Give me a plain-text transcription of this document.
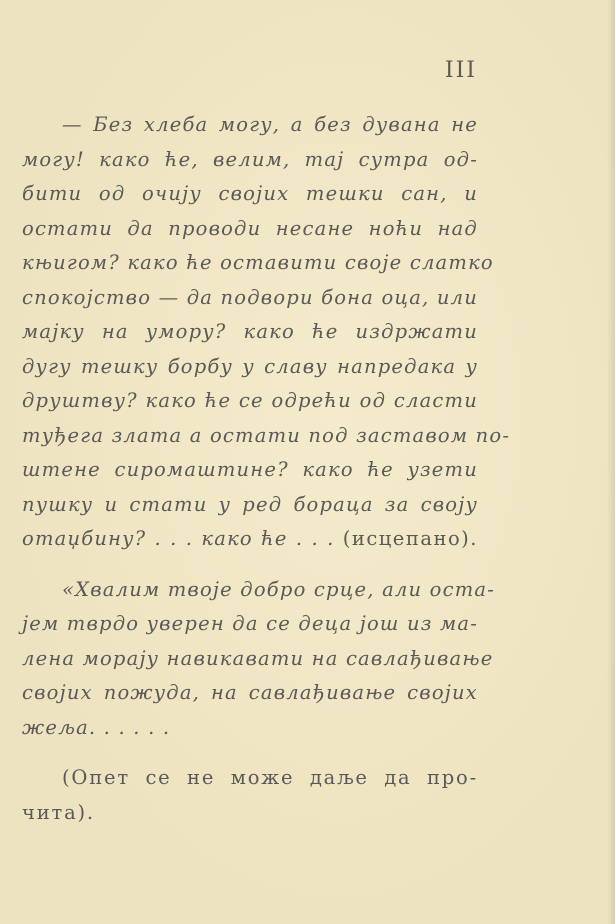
III
— Без хлеба могу, а без дувана не
могу! како ће, велим, тај сутра од-
бити од очију својих тешки сан, и
остати да проводи несане ноћи над
књигом? како ће оставити своје слатко
спокојство — да подвори бона оца, или
мајку на умору? како ће издржати
дугу тешку борбу у славу напредака у
друштву? како ће се одрећи од сласти
туђега злата а остати под заставом по-
штене сиромаштине? како ће узети
пушку и стати у ред бораца за своју
отаџбину? . . . како ће . . . (исцепано).
«Хвалим твоје добро срце, али оста-
јем тврдо уверен да се деца још из ма-
лена морају навикавати на савлађивање
својих пожуда, на савлађивање својих
жеља. . . . . .
(Опет се не може даље да про-
чита).
